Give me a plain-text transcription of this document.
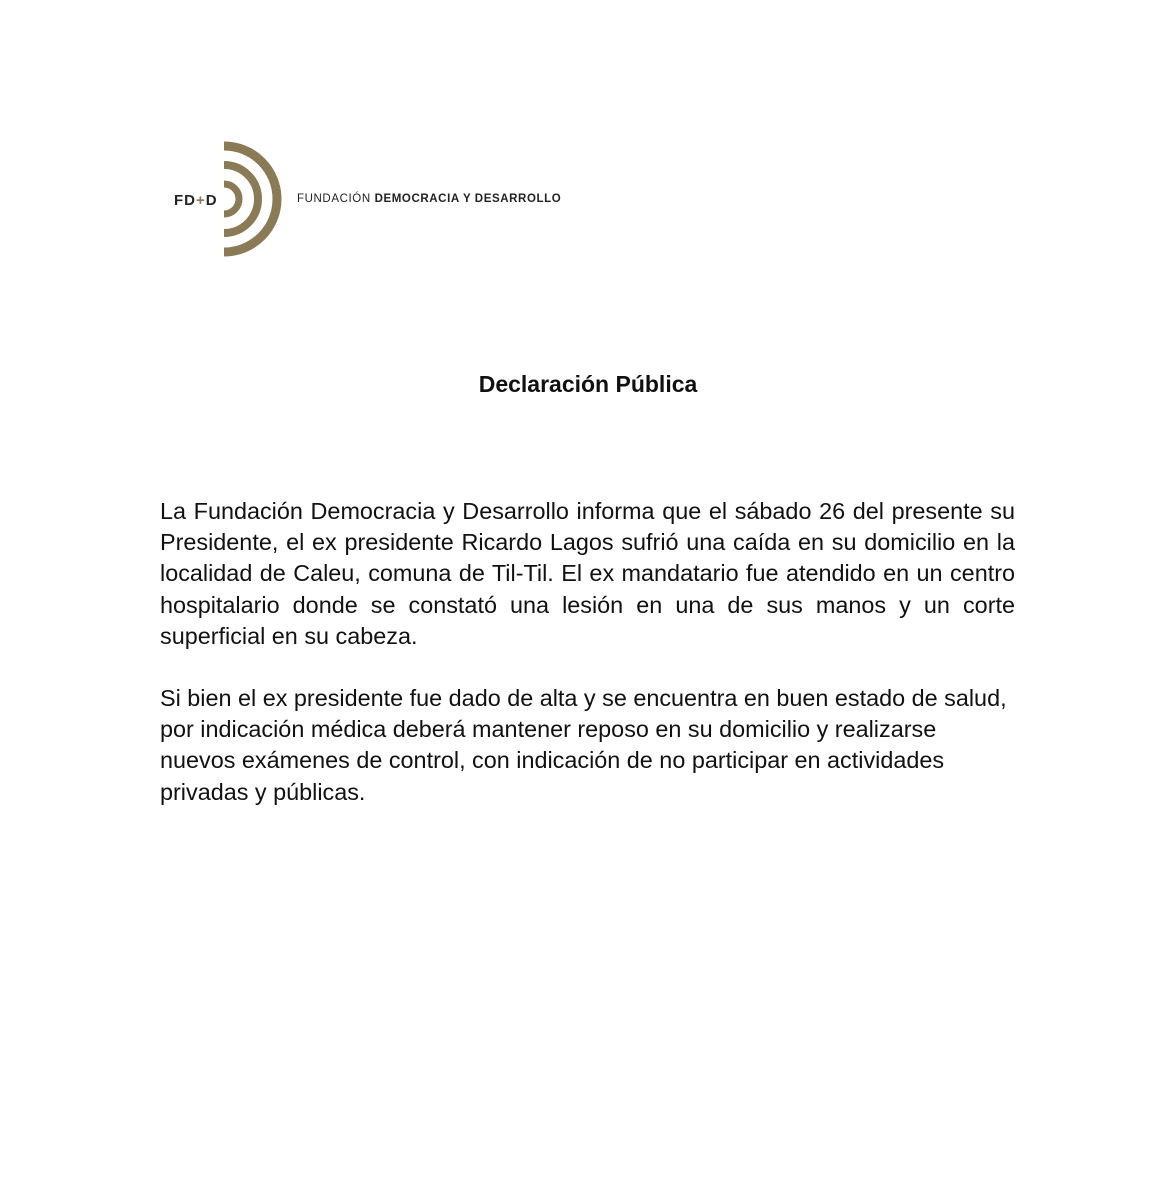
FD+D	FUNDACIÓN DEMOCRACIA Y DESARROLLO
Declaración Pública

La Fundación Democracia y Desarrollo informa que el sábado 26 del presente su Presidente, el ex presidente Ricardo Lagos sufrió una caída en su domicilio en la localidad de Caleu, comuna de Til-Til. El ex mandatario fue atendido en un centro hospitalario donde se constató una lesión en una de sus manos y un corte superficial en su cabeza.

Si bien el ex presidente fue dado de alta y se encuentra en buen estado de salud, por indicación médica deberá mantener reposo en su domicilio y realizarse nuevos exámenes de control, con indicación de no participar en actividades privadas y públicas.
